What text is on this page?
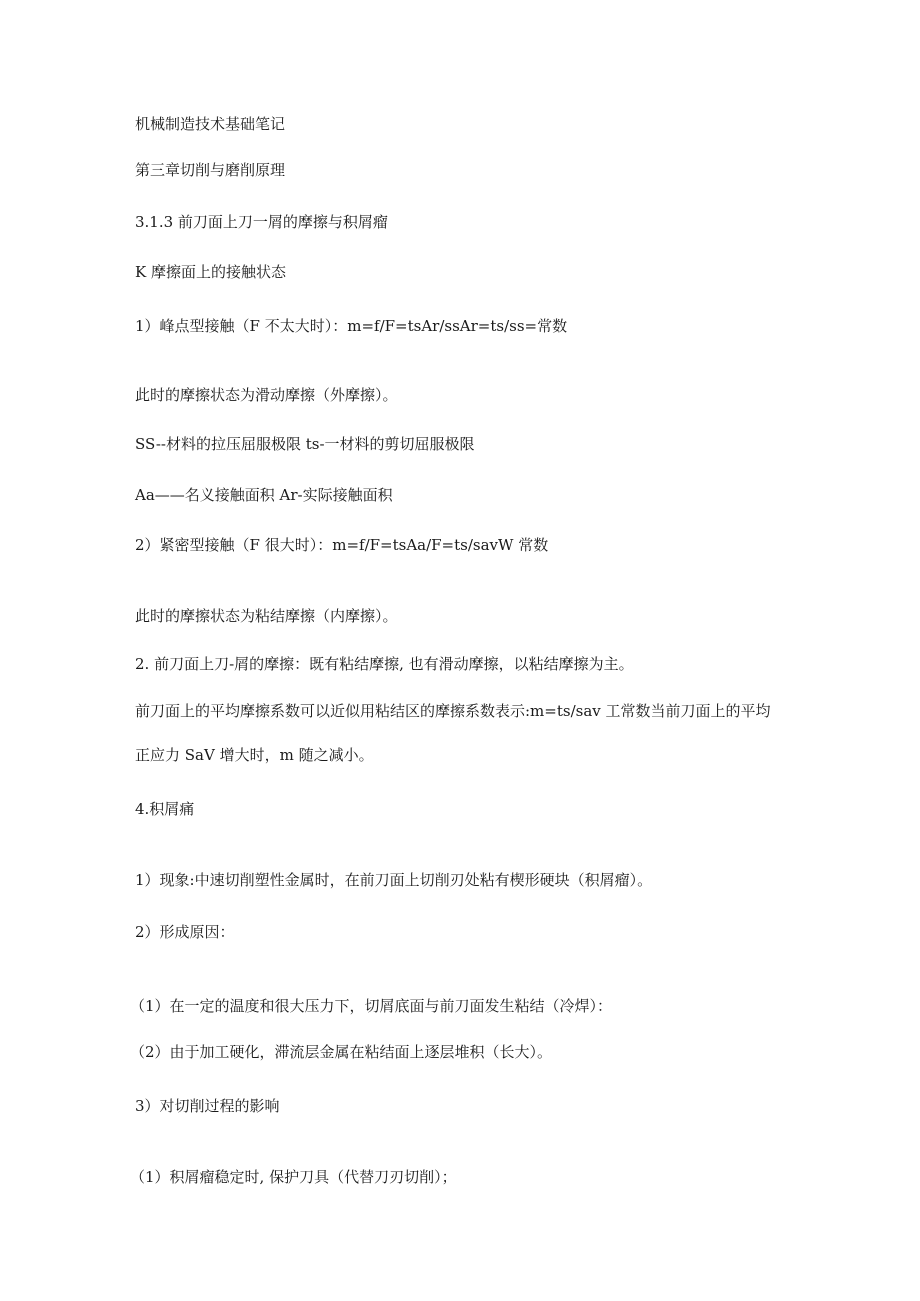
机械制造技术基础笔记
第三章切削与磨削原理
3.1.3 前刀面上刀一屑的摩擦与积屑瘤
K 摩擦面上的接触状态
1）峰点型接触（F 不太大时）：m=f/F=tsAr/ssAr=ts/ss=常数
此时的摩擦状态为滑动摩擦（外摩擦）。
SS--材料的拉压屈服极限 ts-一材料的剪切屈服极限
Aa——名义接触面积 Ar-实际接触面积
2）紧密型接触（F 很大时）：m=f/F=tsAa/F=ts/savW 常数
此时的摩擦状态为粘结摩擦（内摩擦）。
2. 前刀面上刀-屑的摩擦：既有粘结摩擦, 也有滑动摩擦，以粘结摩擦为主。
前刀面上的平均摩擦系数可以近似用粘结区的摩擦系数表示:m=ts/sav 工常数当前刀面上的平均
正应力 SaV 增大时，m 随之减小。
4.积屑痛
1）现象:中速切削塑性金属时，在前刀面上切削刃处粘有楔形硬块（积屑瘤）。
2）形成原因：
（1）在一定的温度和很大压力下，切屑底面与前刀面发生粘结（冷焊）：
（2）由于加工硬化，滞流层金属在粘结面上逐层堆积（长大）。
3）对切削过程的影响
（1）积屑瘤稳定时, 保护刀具（代替刀刃切削）；
